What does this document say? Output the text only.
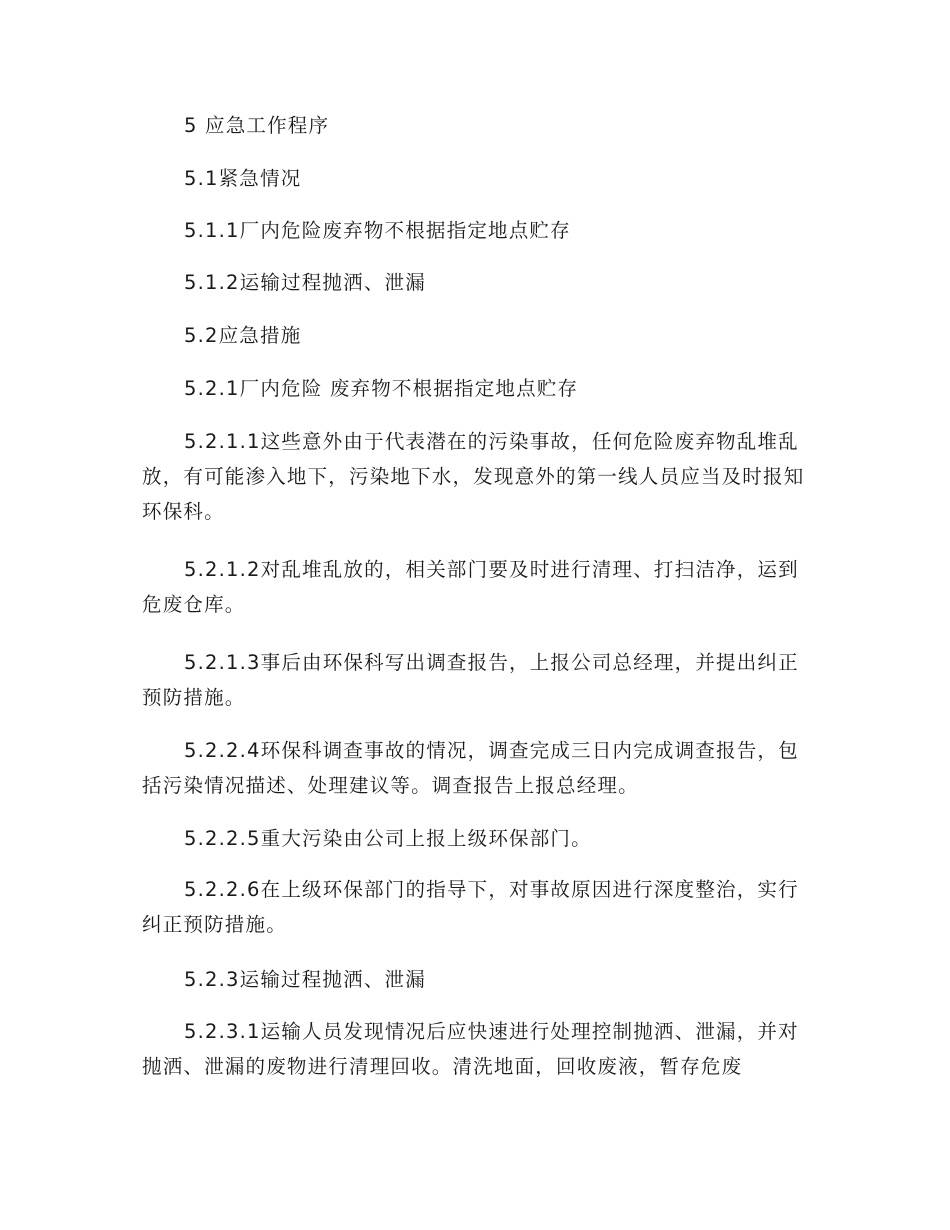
5 应急工作程序

5.1紧急情况

5.1.1厂内危险废弃物不根据指定地点贮存

5.1.2运输过程抛洒、泄漏

5.2应急措施

5.2.1厂内危险 废弃物不根据指定地点贮存

5.2.1.1这些意外由于代表潜在的污染事故，任何危险废弃物乱堆乱放，有可能渗入地下，污染地下水，发现意外的第一线人员应当及时报知环保科。

5.2.1.2对乱堆乱放的，相关部门要及时进行清理、打扫洁净，运到危废仓库。

5.2.1.3事后由环保科写出调查报告，上报公司总经理，并提出纠正预防措施。

5.2.2.4环保科调查事故的情况，调查完成三日内完成调查报告，包括污染情况描述、处理建议等。调查报告上报总经理。

5.2.2.5重大污染由公司上报上级环保部门。

5.2.2.6在上级环保部门的指导下，对事故原因进行深度整治，实行纠正预防措施。

5.2.3运输过程抛洒、泄漏

5.2.3.1运输人员发现情况后应快速进行处理控制抛洒、泄漏，并对抛洒、泄漏的废物进行清理回收。清洗地面，回收废液，暂存危废
